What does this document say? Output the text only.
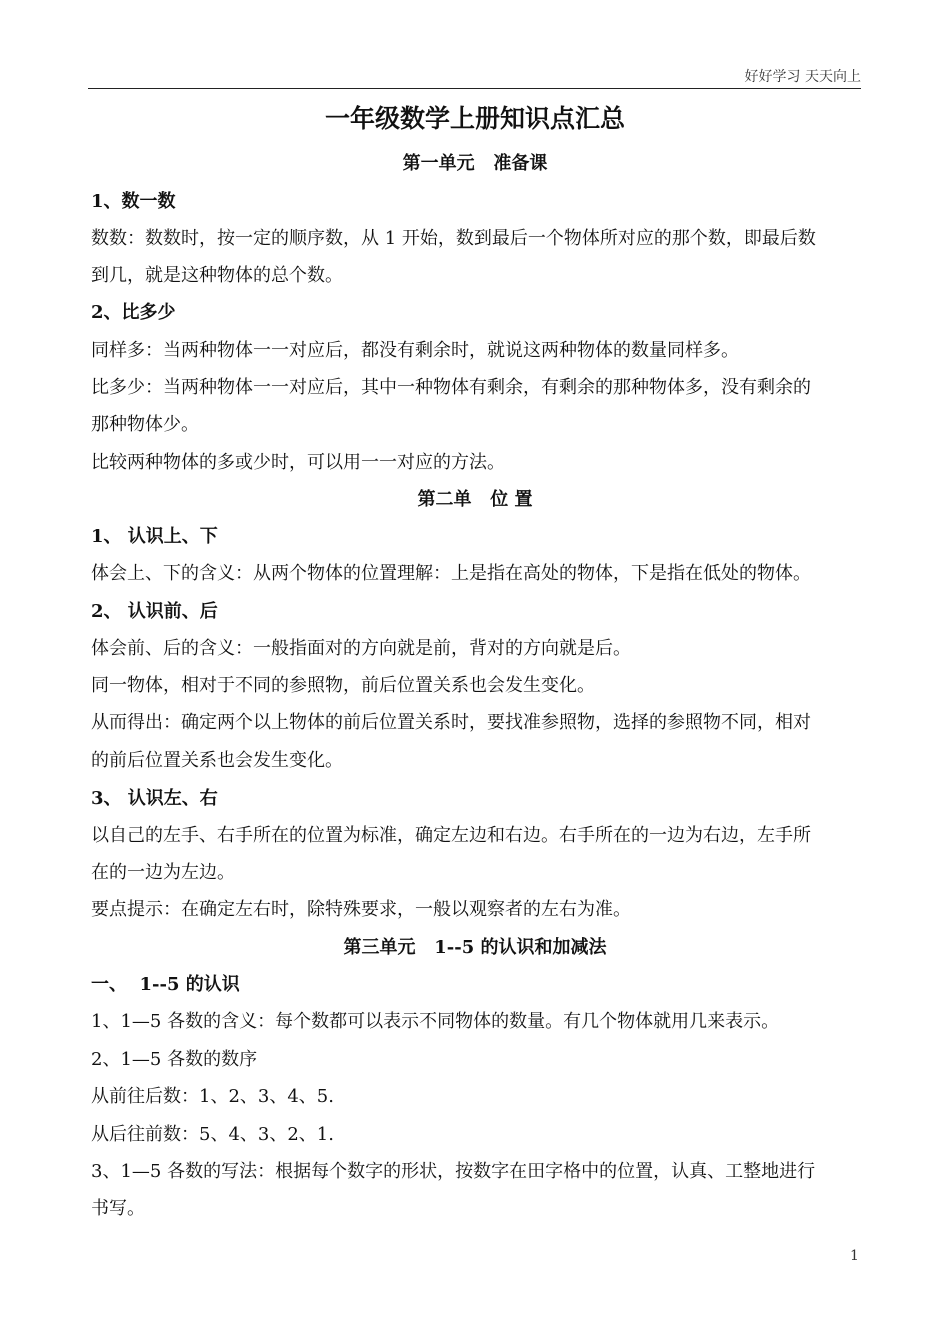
好好学习 天天向上
一年级数学上册知识点汇总
第一单元   准备课
1、数一数
数数：数数时，按一定的顺序数，从 1 开始，数到最后一个物体所对应的那个数，即最后数
到几，就是这种物体的总个数。
2、比多少
同样多：当两种物体一一对应后，都没有剩余时，就说这两种物体的数量同样多。
比多少：当两种物体一一对应后，其中一种物体有剩余，有剩余的那种物体多，没有剩余的
那种物体少。
比较两种物体的多或少时，可以用一一对应的方法。
第二单   位 置
1、 认识上、下
体会上、下的含义：从两个物体的位置理解：上是指在高处的物体，下是指在低处的物体。
2、 认识前、后
体会前、后的含义：一般指面对的方向就是前，背对的方向就是后。
同一物体，相对于不同的参照物，前后位置关系也会发生变化。
从而得出：确定两个以上物体的前后位置关系时，要找准参照物，选择的参照物不同，相对
的前后位置关系也会发生变化。
3、 认识左、右
以自己的左手、右手所在的位置为标准，确定左边和右边。右手所在的一边为右边，左手所
在的一边为左边。
要点提示：在确定左右时，除特殊要求，一般以观察者的左右为准。
第三单元   1--5 的认识和加减法
一、  1--5 的认识
1、1—5 各数的含义：每个数都可以表示不同物体的数量。有几个物体就用几来表示。
2、1—5 各数的数序
从前往后数：1、2、3、4、5.
从后往前数：5、4、3、2、1.
3、1—5 各数的写法：根据每个数字的形状，按数字在田字格中的位置，认真、工整地进行
书写。
1
